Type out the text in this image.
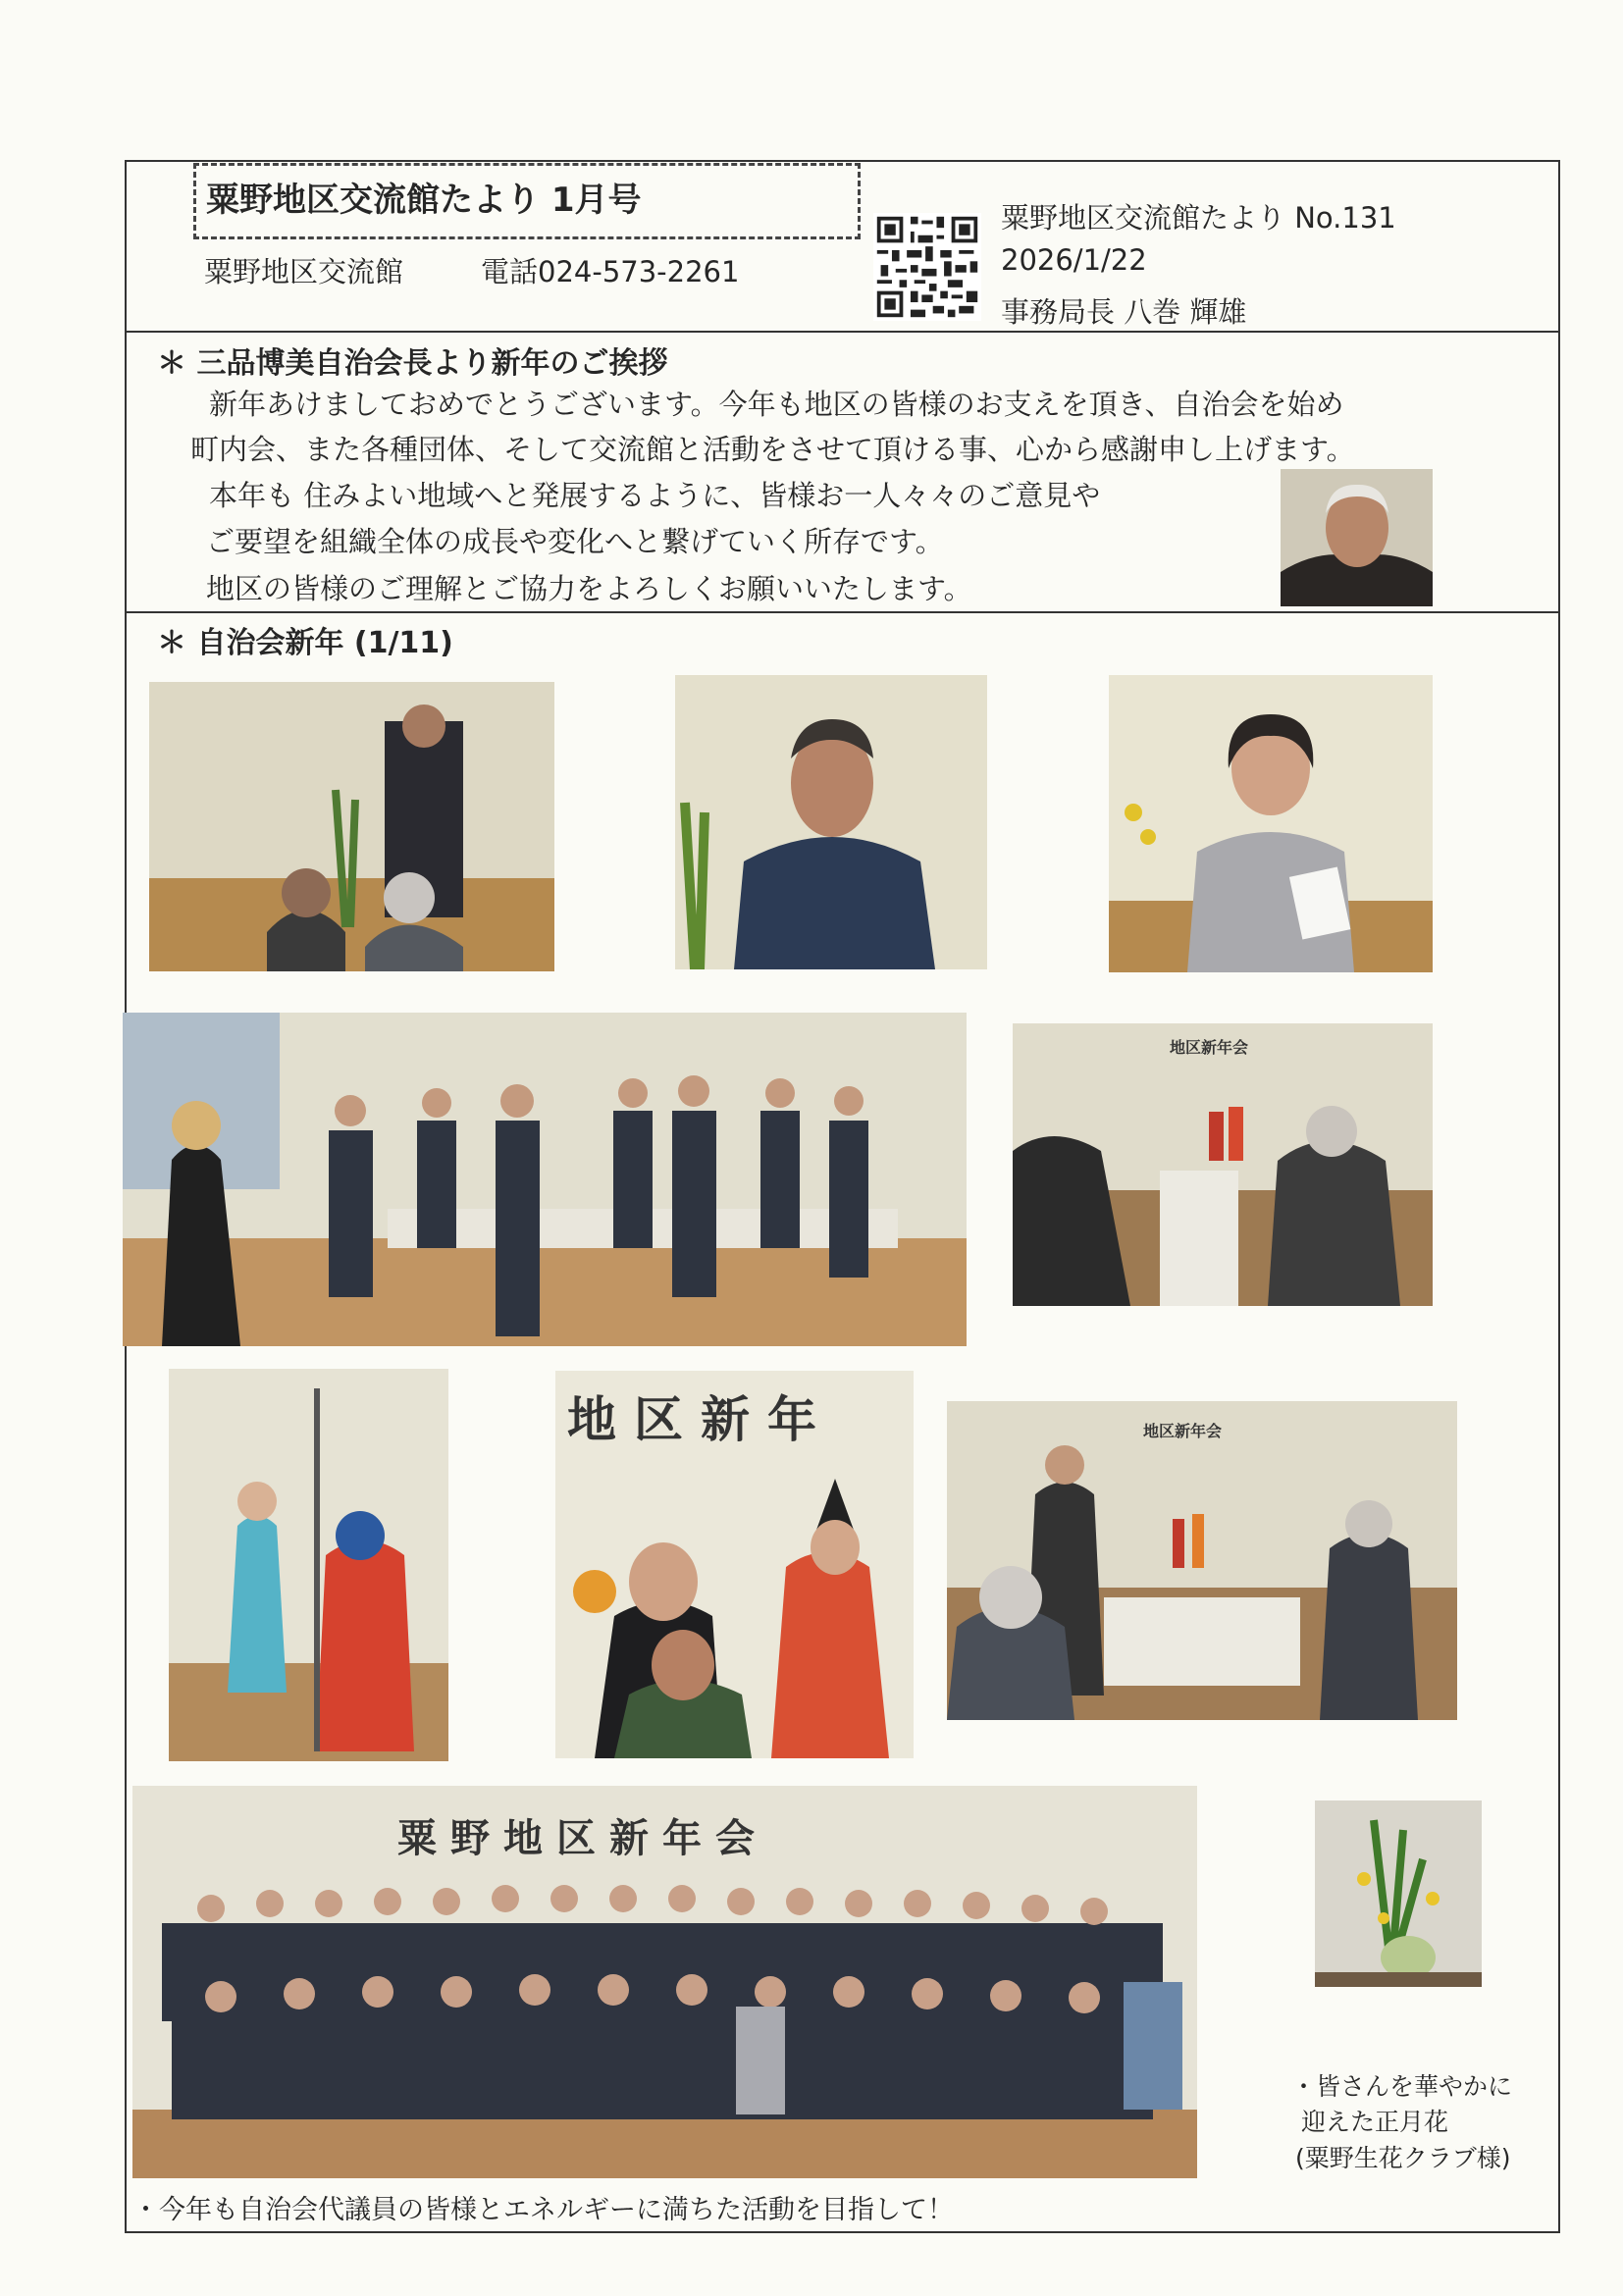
粟野地区交流館たより 1月号
粟野地区交流館	電話024-573-2261
粟野地区交流館たより No.131
2026/1/22
事務局長 八巻 輝雄
＊ 三品博美自治会長より新年のご挨拶
新年あけましておめでとうございます。今年も地区の皆様のお支えを頂き、自治会を始め
町内会、また各種団体、そして交流館と活動をさせて頂ける事、心から感謝申し上げます。
本年も 住みよい地域へと発展するように、皆様お一人々々のご意見や
ご要望を組織全体の成長や変化へと繋げていく所存です。
地区の皆様のご理解とご協力をよろしくお願いいたします。
＊ 自治会新年 (1/11)
地区新年会
地区新年	地区新年会
粟野地区新年会
・皆さんを華やかに
迎えた正月花
(粟野生花クラブ様)
・今年も自治会代議員の皆様とエネルギーに満ちた活動を目指して！
